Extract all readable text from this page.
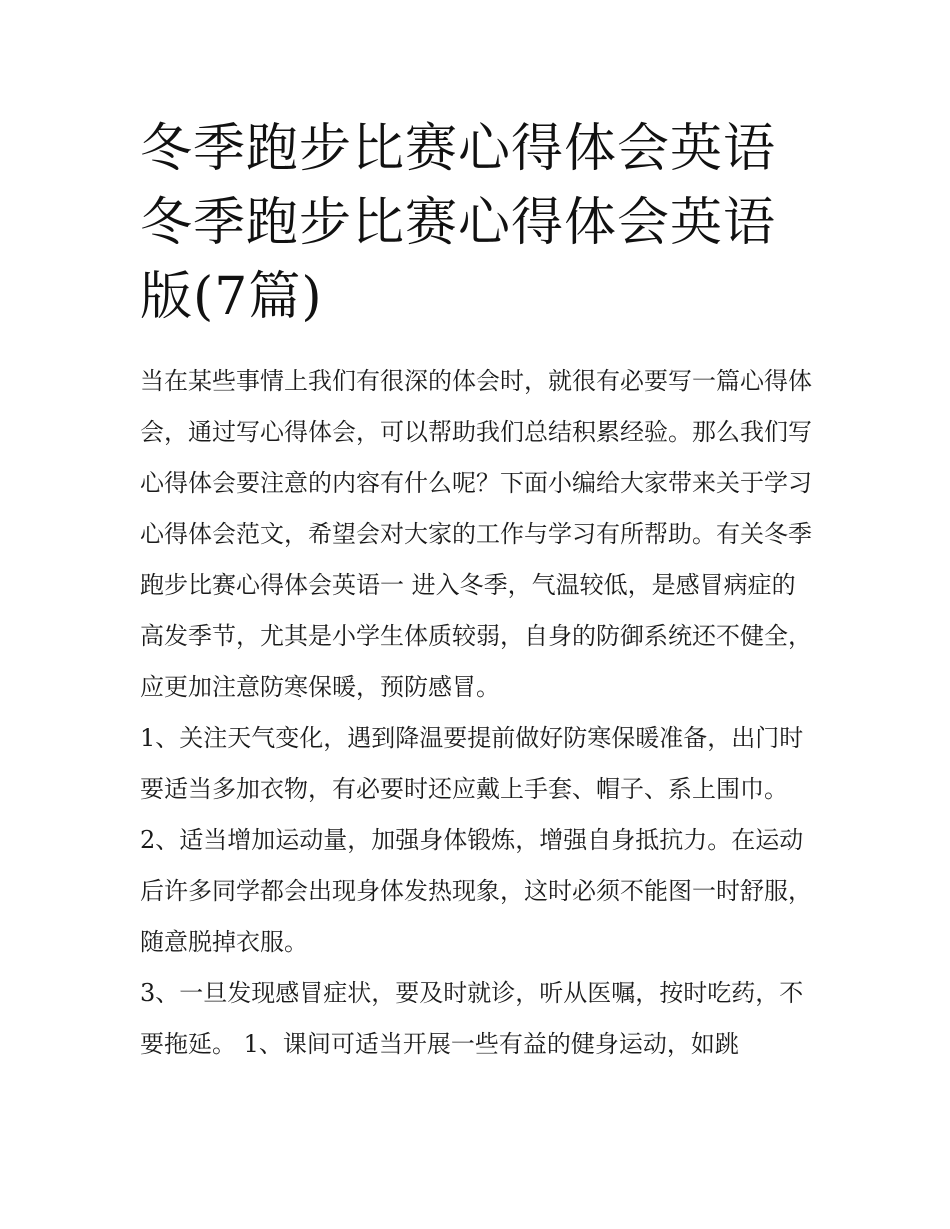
冬季跑步比赛心得体会英语 冬季跑步比赛心得体会英语版(7篇)

当在某些事情上我们有很深的体会时，就很有必要写一篇心得体会，通过写心得体会，可以帮助我们总结积累经验。那么我们写心得体会要注意的内容有什么呢？下面小编给大家带来关于学习心得体会范文，希望会对大家的工作与学习有所帮助。有关冬季跑步比赛心得体会英语一 进入冬季，气温较低，是感冒病症的高发季节，尤其是小学生体质较弱，自身的防御系统还不健全，应更加注意防寒保暖，预防感冒。

1、关注天气变化，遇到降温要提前做好防寒保暖准备，出门时要适当多加衣物，有必要时还应戴上手套、帽子、系上围巾。

2、适当增加运动量，加强身体锻炼，增强自身抵抗力。在运动后许多同学都会出现身体发热现象，这时必须不能图一时舒服，随意脱掉衣服。

3、一旦发现感冒症状，要及时就诊，听从医嘱，按时吃药，不要拖延。 1、课间可适当开展一些有益的健身运动，如跳
